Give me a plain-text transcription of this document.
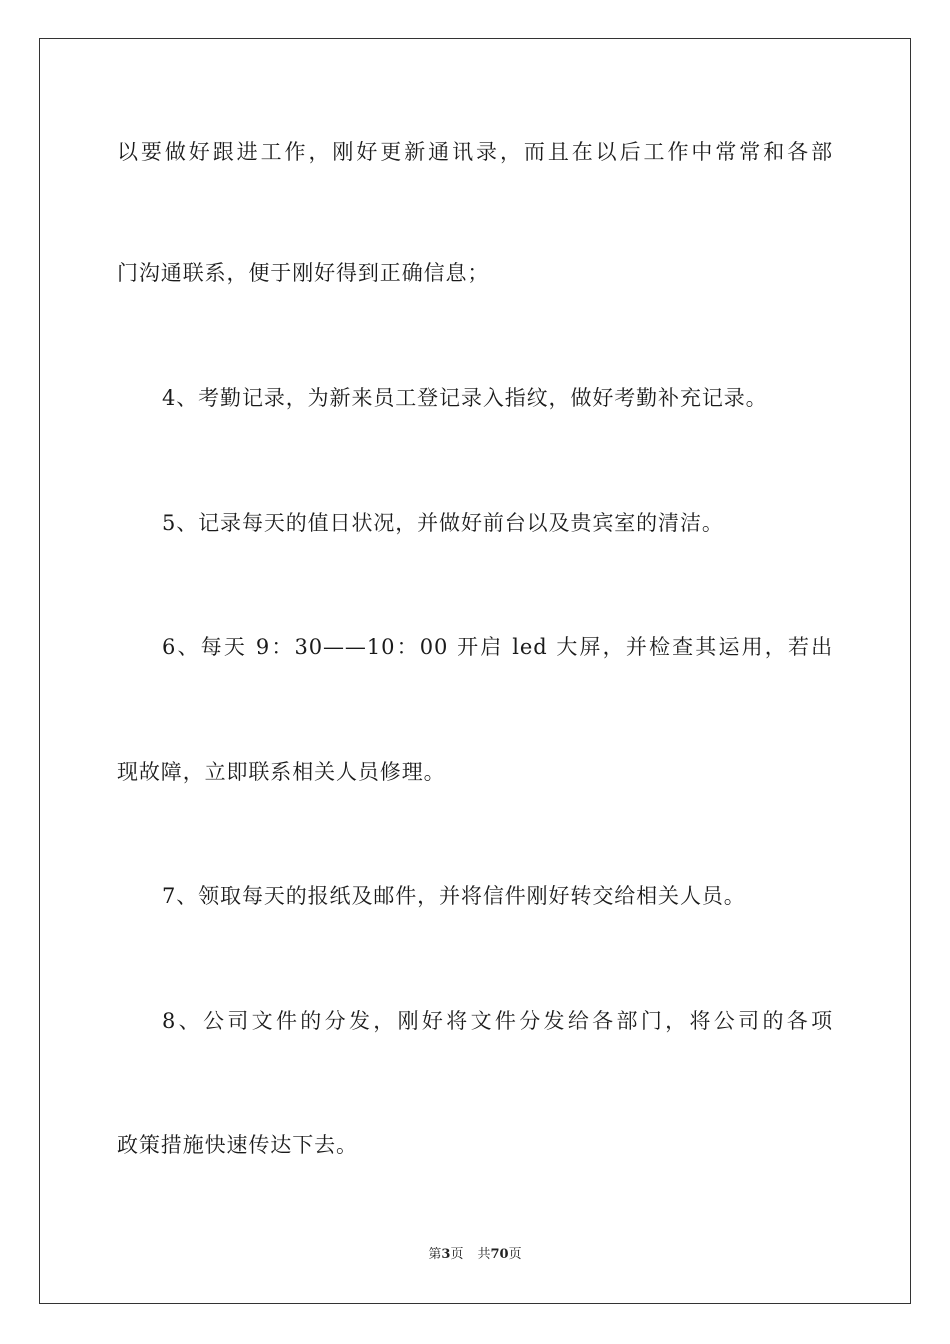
以要做好跟进工作，刚好更新通讯录，而且在以后工作中常常和各部
门沟通联系，便于刚好得到正确信息；
4、考勤记录，为新来员工登记录入指纹，做好考勤补充记录。
5、记录每天的值日状况，并做好前台以及贵宾室的清洁。
6、每天 9：30——10：00 开启 led 大屏，并检查其运用，若出
现故障，立即联系相关人员修理。
7、领取每天的报纸及邮件，并将信件刚好转交给相关人员。
8、公司文件的分发，刚好将文件分发给各部门，将公司的各项
政策措施快速传达下去。
第3页 共70页
